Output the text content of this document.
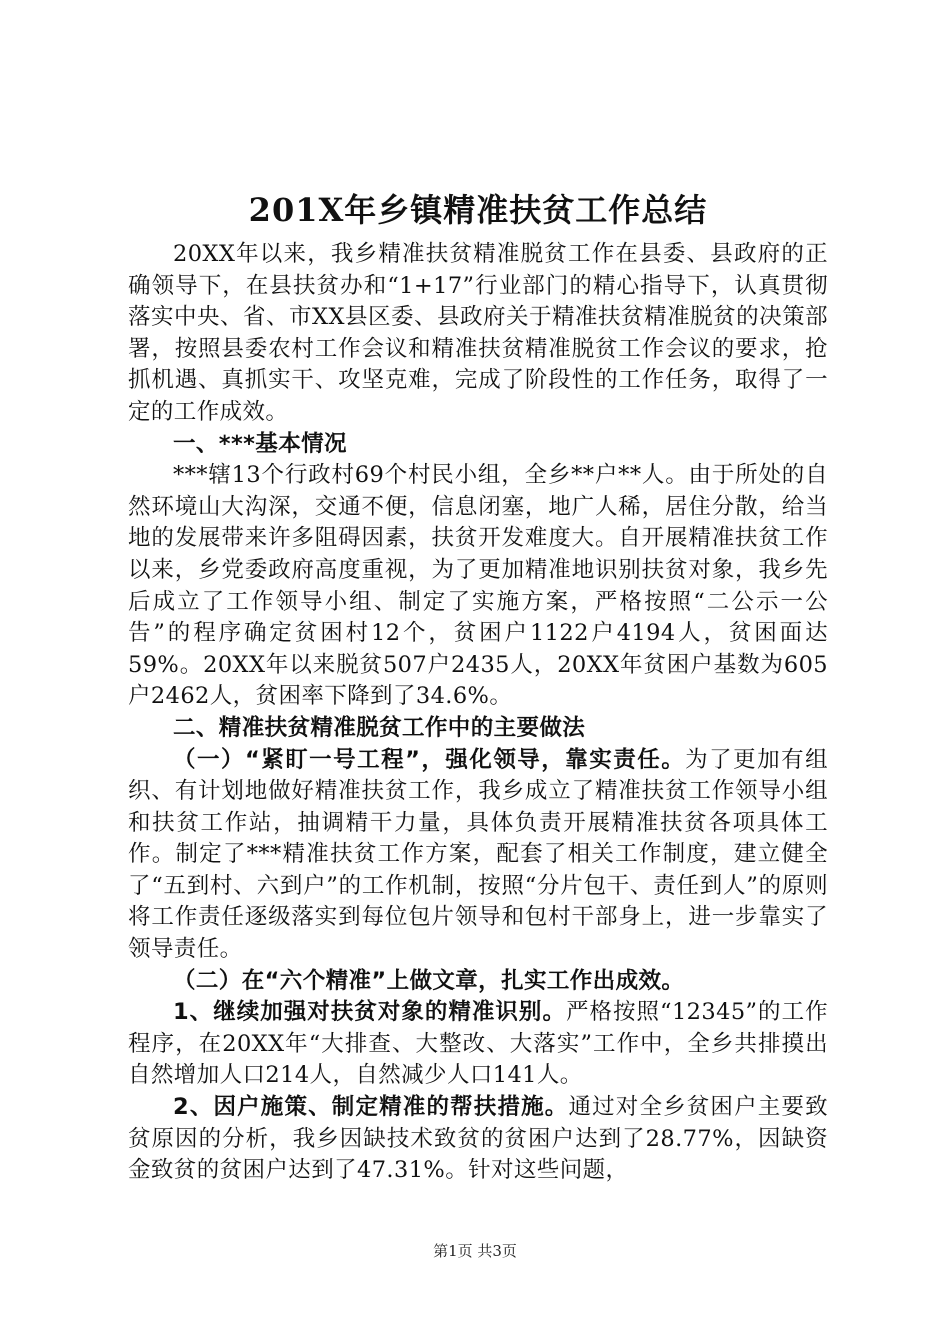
201X年乡镇精准扶贫工作总结

20XX年以来，我乡精准扶贫精准脱贫工作在县委、县政府的正确领导下，在县扶贫办和“1+17”行业部门的精心指导下，认真贯彻落实中央、省、市XX县区委、县政府关于精准扶贫精准脱贫的决策部署，按照县委农村工作会议和精准扶贫精准脱贫工作会议的要求，抢抓机遇、真抓实干、攻坚克难，完成了阶段性的工作任务，取得了一定的工作成效。

一、***基本情况

***辖13个行政村69个村民小组，全乡**户**人。由于所处的自然环境山大沟深，交通不便，信息闭塞，地广人稀，居住分散，给当地的发展带来许多阻碍因素，扶贫开发难度大。自开展精准扶贫工作以来，乡党委政府高度重视，为了更加精准地识别扶贫对象，我乡先后成立了工作领导小组、制定了实施方案，严格按照“二公示一公告”的程序确定贫困村12个，贫困户1122户4194人，贫困面达59%。20XX年以来脱贫507户2435人，20XX年贫困户基数为605户2462人，贫困率下降到了34.6%。

二、精准扶贫精准脱贫工作中的主要做法

（一）“紧盯一号工程”，强化领导，靠实责任。为了更加有组织、有计划地做好精准扶贫工作，我乡成立了精准扶贫工作领导小组和扶贫工作站，抽调精干力量，具体负责开展精准扶贫各项具体工作。制定了***精准扶贫工作方案，配套了相关工作制度，建立健全了“五到村、六到户”的工作机制，按照“分片包干、责任到人”的原则将工作责任逐级落实到每位包片领导和包村干部身上，进一步靠实了领导责任。

（二）在“六个精准”上做文章，扎实工作出成效。

1、继续加强对扶贫对象的精准识别。严格按照“12345”的工作程序，在20XX年“大排查、大整改、大落实”工作中，全乡共排摸出自然增加人口214人，自然减少人口141人。

2、因户施策、制定精准的帮扶措施。通过对全乡贫困户主要致贫原因的分析，我乡因缺技术致贫的贫困户达到了28.77%，因缺资金致贫的贫困户达到了47.31%。针对这些问题，

第1页 共3页
